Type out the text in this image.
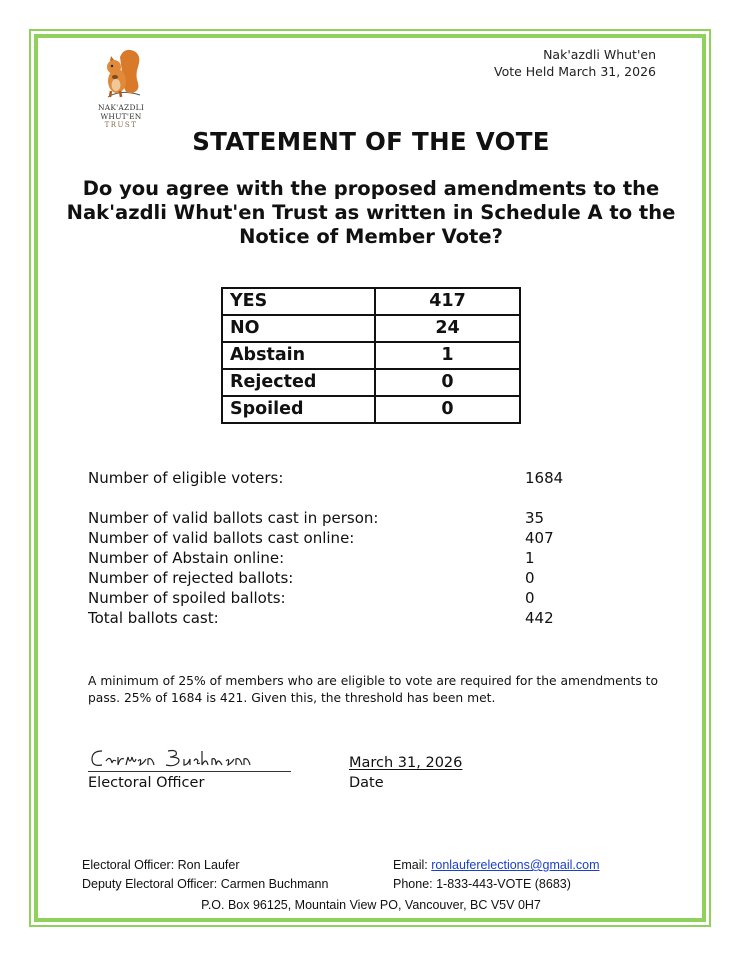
NAK'AZDLI WHUT'EN
TRUST
Nak'azdli Whut'en
Vote Held March 31, 2026
STATEMENT OF THE VOTE
Do you agree with the proposed amendments to the Nak'azdli Whut'en Trust as written in Schedule A to the Notice of Member Vote?
YES	417
NO	24
Abstain	1
Rejected	0
Spoiled	0
Number of eligible voters:	1684
Number of valid ballots cast in person:	35
Number of valid ballots cast online:	407
Number of Abstain online:	1
Number of rejected ballots:	0
Number of spoiled ballots:	0
Total ballots cast:	442
A minimum of 25% of members who are eligible to vote are required for the amendments to pass. 25% of 1684 is 421. Given this, the threshold has been met.
Electoral Officer
March 31, 2026
Date
Electoral Officer: Ron Laufer
Deputy Electoral Officer: Carmen Buchmann
Email: ronlauferelections@gmail.com
Phone: 1-833-443-VOTE (8683)
P.O. Box 96125, Mountain View PO, Vancouver, BC V5V 0H7
